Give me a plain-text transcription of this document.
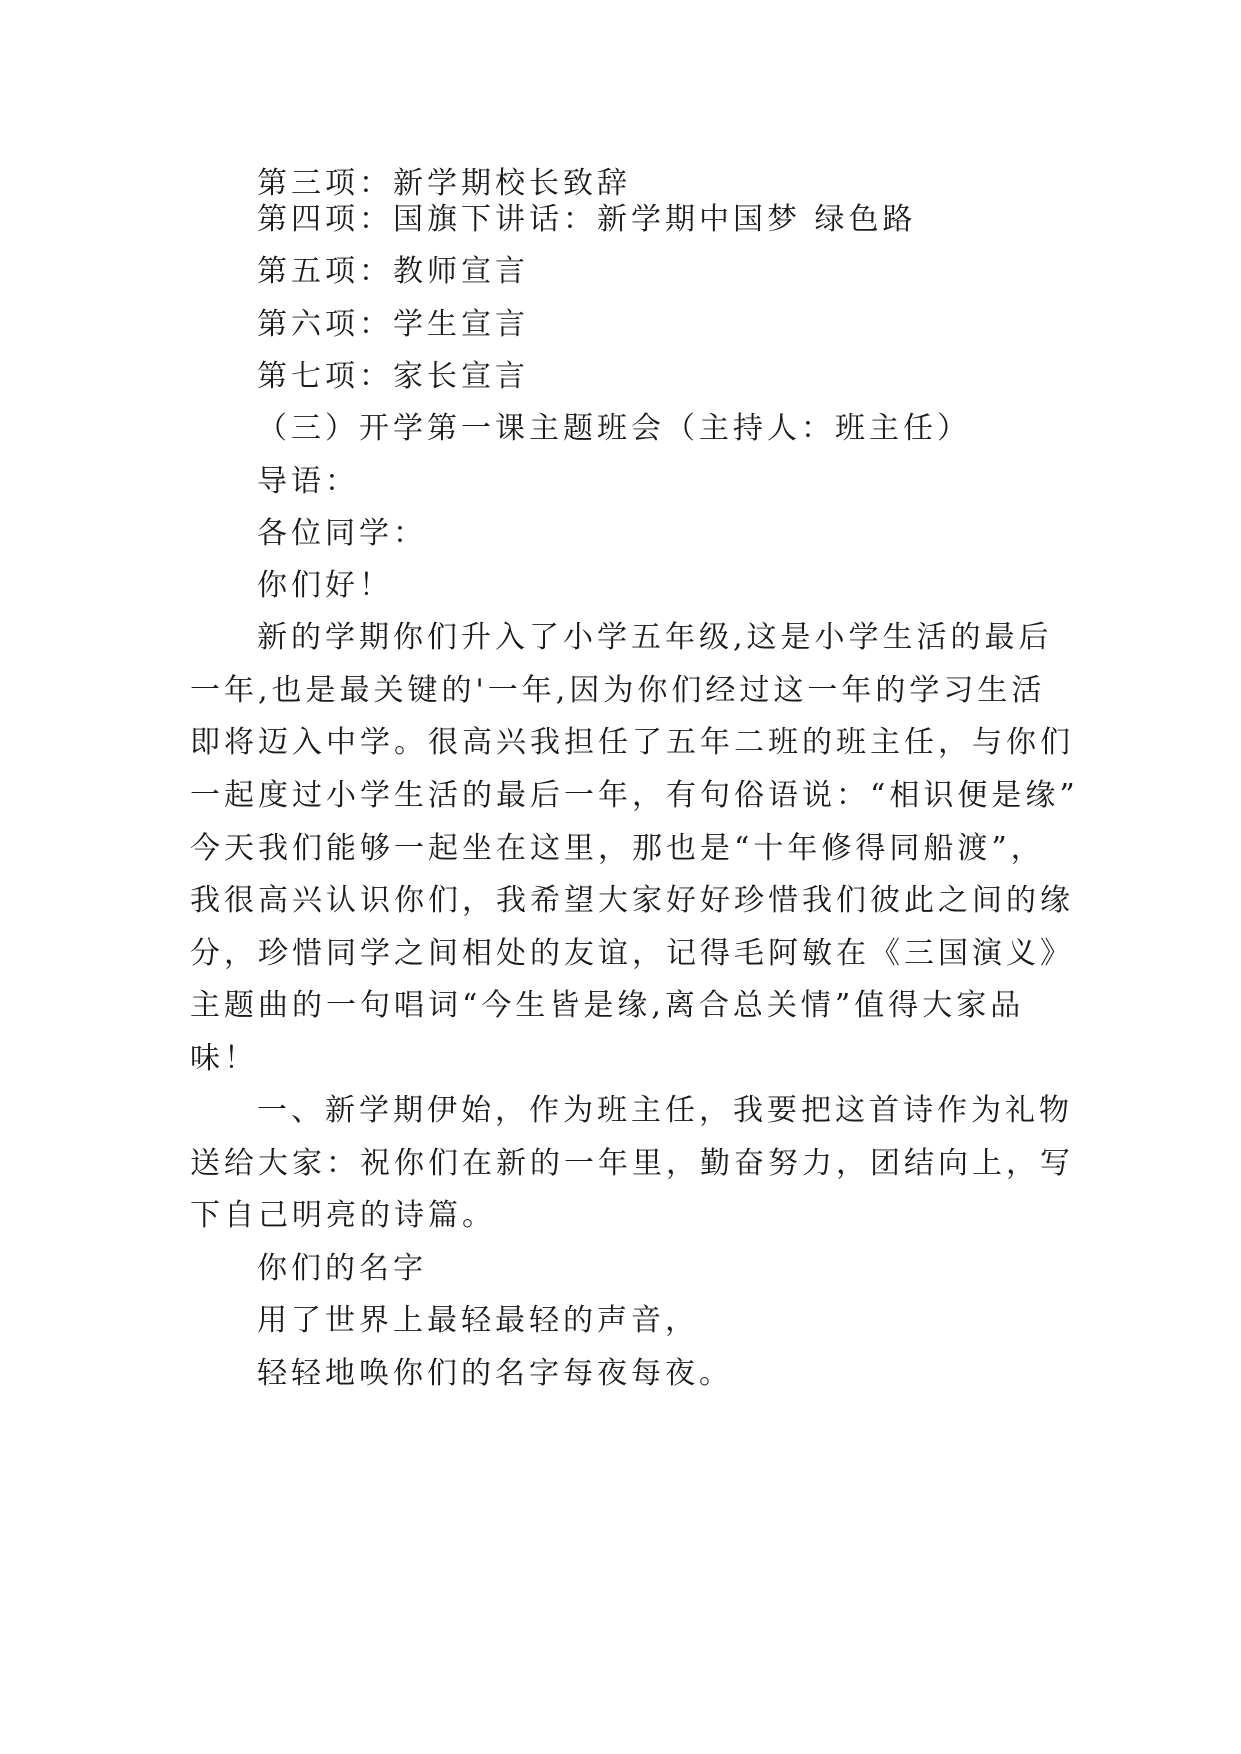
第三项：新学期校长致辞
第四项：国旗下讲话：新学期中国梦 绿色路
第五项：教师宣言
第六项：学生宣言
第七项：家长宣言
（三）开学第一课主题班会（主持人：班主任）
导语：
各位同学：
你们好！
新的学期你们升入了小学五年级,这是小学生活的最后
一年,也是最关键的'一年,因为你们经过这一年的学习生活
即将迈入中学。很高兴我担任了五年二班的班主任，与你们
一起度过小学生活的最后一年，有句俗语说：“相识便是缘”
今天我们能够一起坐在这里，那也是“十年修得同船渡”，
我很高兴认识你们，我希望大家好好珍惜我们彼此之间的缘
分，珍惜同学之间相处的友谊，记得毛阿敏在《三国演义》
主题曲的一句唱词“今生皆是缘,离合总关情”值得大家品
味！
一、新学期伊始，作为班主任，我要把这首诗作为礼物
送给大家：祝你们在新的一年里，勤奋努力，团结向上，写
下自己明亮的诗篇。
你们的名字
用了世界上最轻最轻的声音，
轻轻地唤你们的名字每夜每夜。
